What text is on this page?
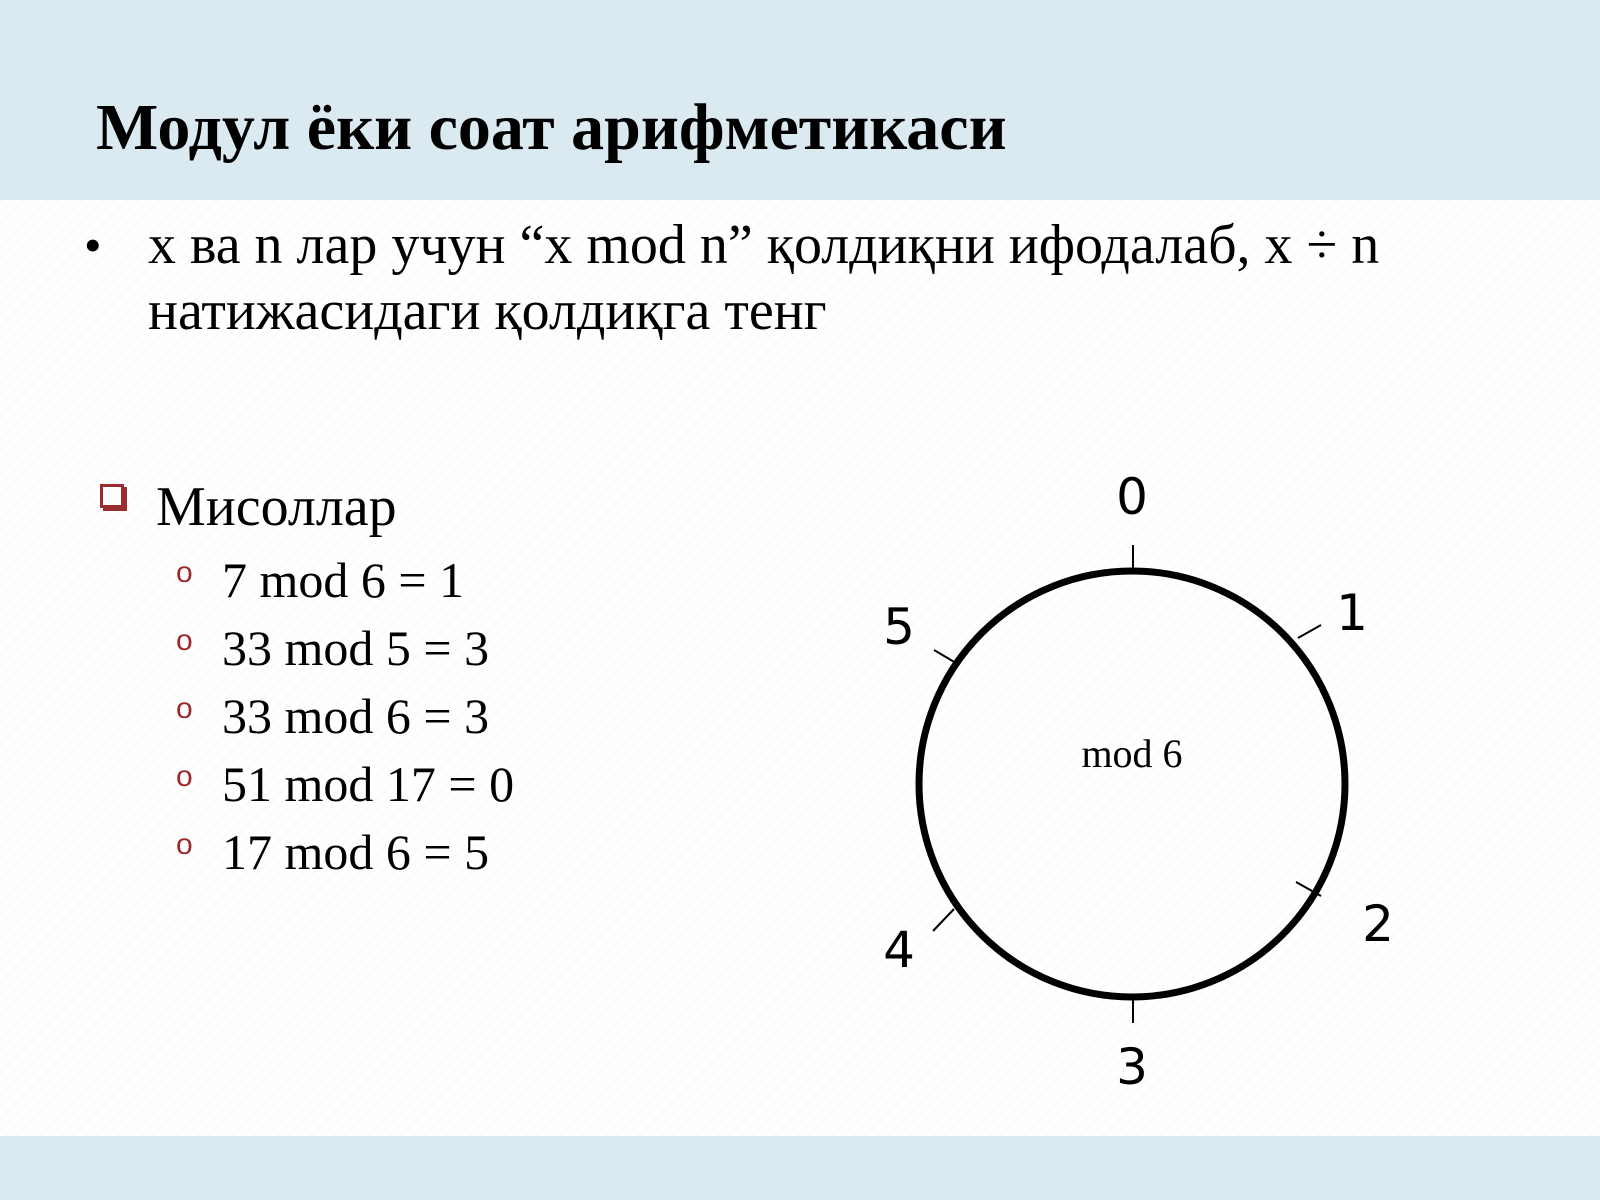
Модул ёки соат арифметикаси
• x ва n лар учун “x mod n” қолдиқни ифодалаб, x ÷ n натижасидаги қолдиқга тенг
Мисоллар
o 7 mod 6 = 1
o 33 mod 5 = 3
o 33 mod 6 = 3
o 51 mod 17 = 0
o 17 mod 6 = 5
0
1
2
3
4
5
mod 6
